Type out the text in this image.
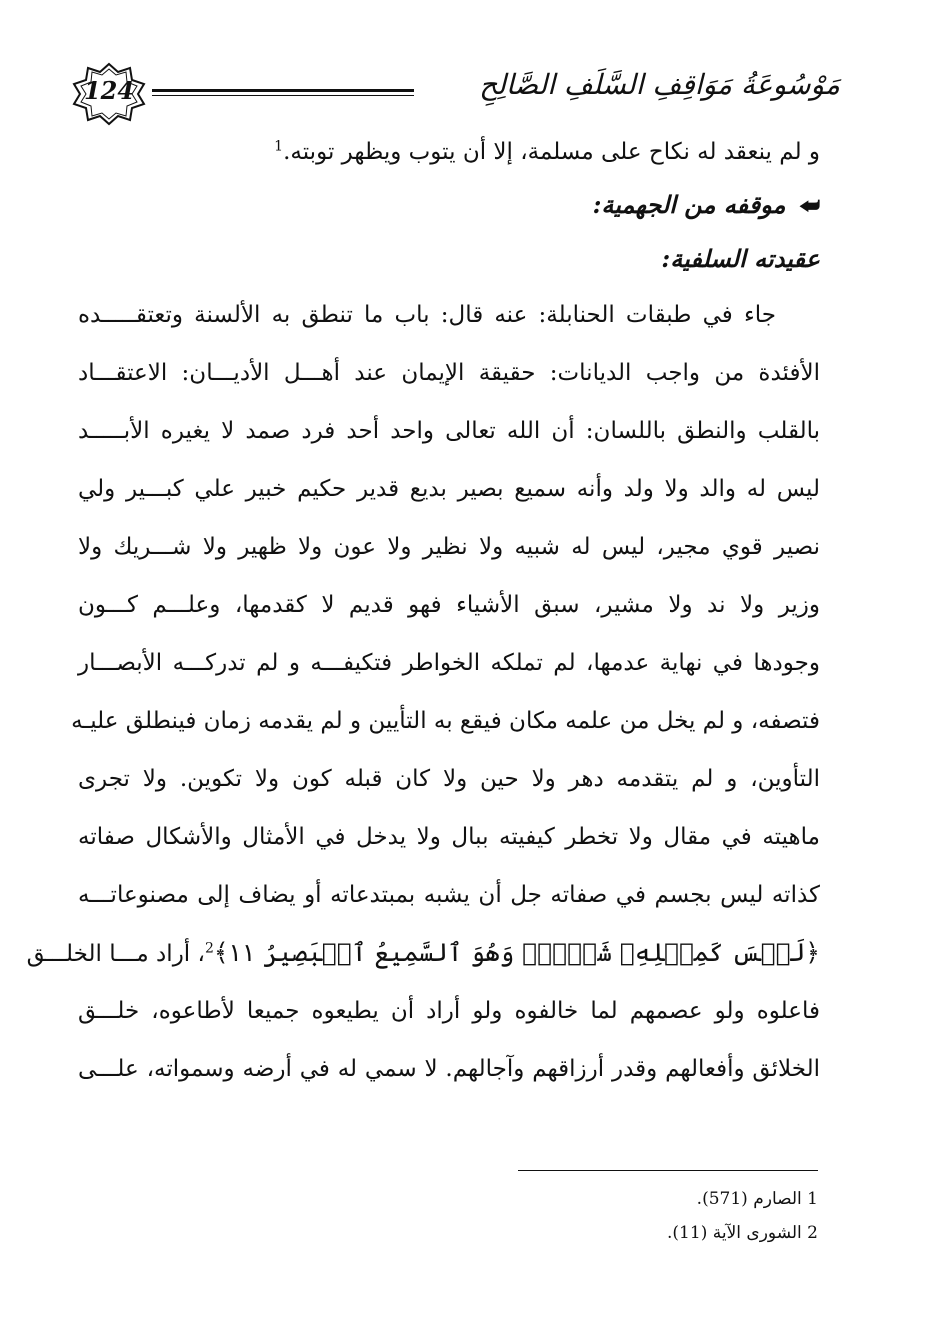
124	مَوْسُوعَةُ مَوَاقِفِ السَّلَفِ الصَّالِحِ
و لم ينعقد له نكاح على مسلمة، إلا أن يتوب ويظهر توبته.$^1$
⮨موقفه من الجهمية:
عقيدته السلفية:
جاء في طبقات الحنابلة: عنه قال: باب ما تنطق به الألسنة وتعتقـــــده
الأفئدة من واجب الديانات: حقيقة الإيمان عند أهـــل الأديـــان: الاعتقـــاد
بالقلب والنطق باللسان: أن الله تعالى واحد أحد فرد صمد لا يغيره الأبـــــد
ليس له والد ولا ولد وأنه سميع بصير بديع قدير حكيم خبير علي كبـــير ولي
نصير قوي مجير، ليس له شبيه ولا نظير ولا عون ولا ظهير ولا شـــريك ولا
وزير ولا ند ولا مشير، سبق الأشياء فهو قديم لا كقدمها، وعلـــم كـــون
وجودها في نهاية عدمها، لم تملكه الخواطر فتكيفـــه و لم تدركـــه الأبصـــار
فتصفه، و لم يخل من علمه مكان فيقع به التأيين و لم يقدمه زمان فينطلق عليـه
التأوين، و لم يتقدمه دهر ولا حين ولا كان قبله كون ولا تكوين. ولا تجرى
ماهيته في مقال ولا تخطر كيفيته ببال ولا يدخل في الأمثال والأشكال صفاته
كذاته ليس بجسم في صفاته جل أن يشبه بمبتدعاته أو يضاف إلى مصنوعاتـــه
﴿لَيۡسَ كَمِثۡلِهِۦ شَيۡءٞۖ وَهُوَ ٱلسَّمِيعُ ٱلۡبَصِيرُ ١١﴾$^2$، أراد مـــا الخلـــق
فاعلوه ولو عصمهم لما خالفوه ولو أراد أن يطيعوه جميعا لأطاعوه، خلـــق
الخلائق وأفعالهم وقدر أرزاقهم وآجالهم. لا سمي له في أرضه وسمواته، علـــى
1 الصارم (571).
2 الشورى الآية (11).
